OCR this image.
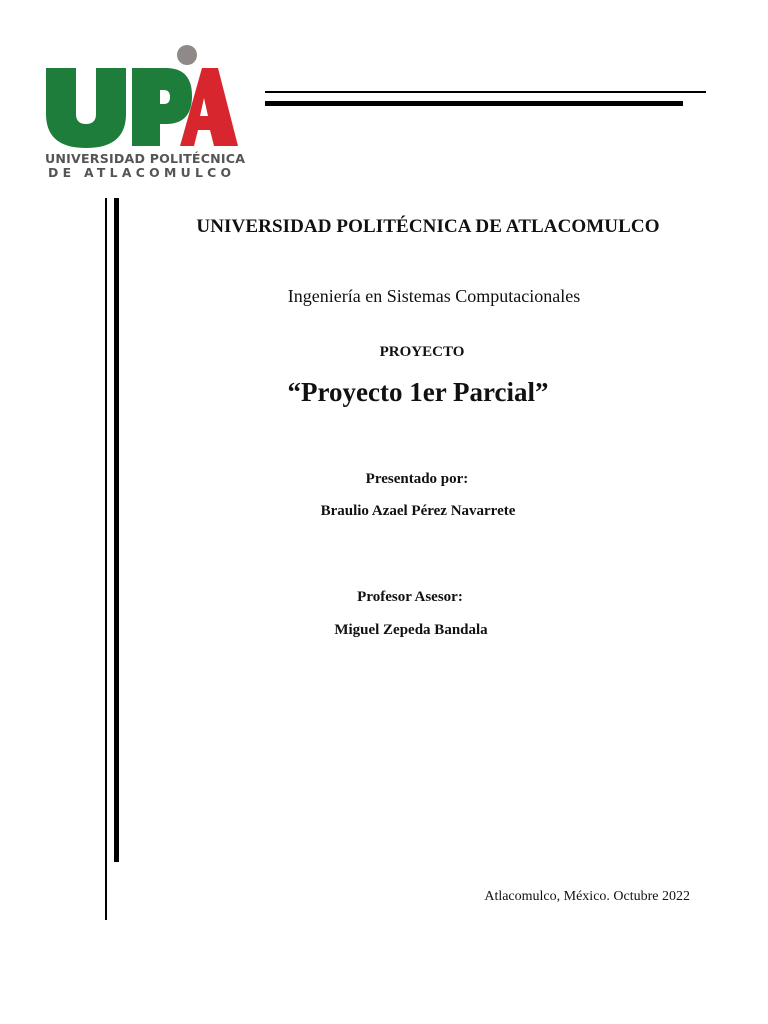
UNIVERSIDAD POLITÉCNICA
DE ATLACOMULCO
UNIVERSIDAD POLITÉCNICA DE ATLACOMULCO
Ingeniería en Sistemas Computacionales
PROYECTO
“Proyecto 1er Parcial”
Presentado por:
Braulio Azael Pérez Navarrete
Profesor Asesor:
Miguel Zepeda Bandala
Atlacomulco, México. Octubre 2022
